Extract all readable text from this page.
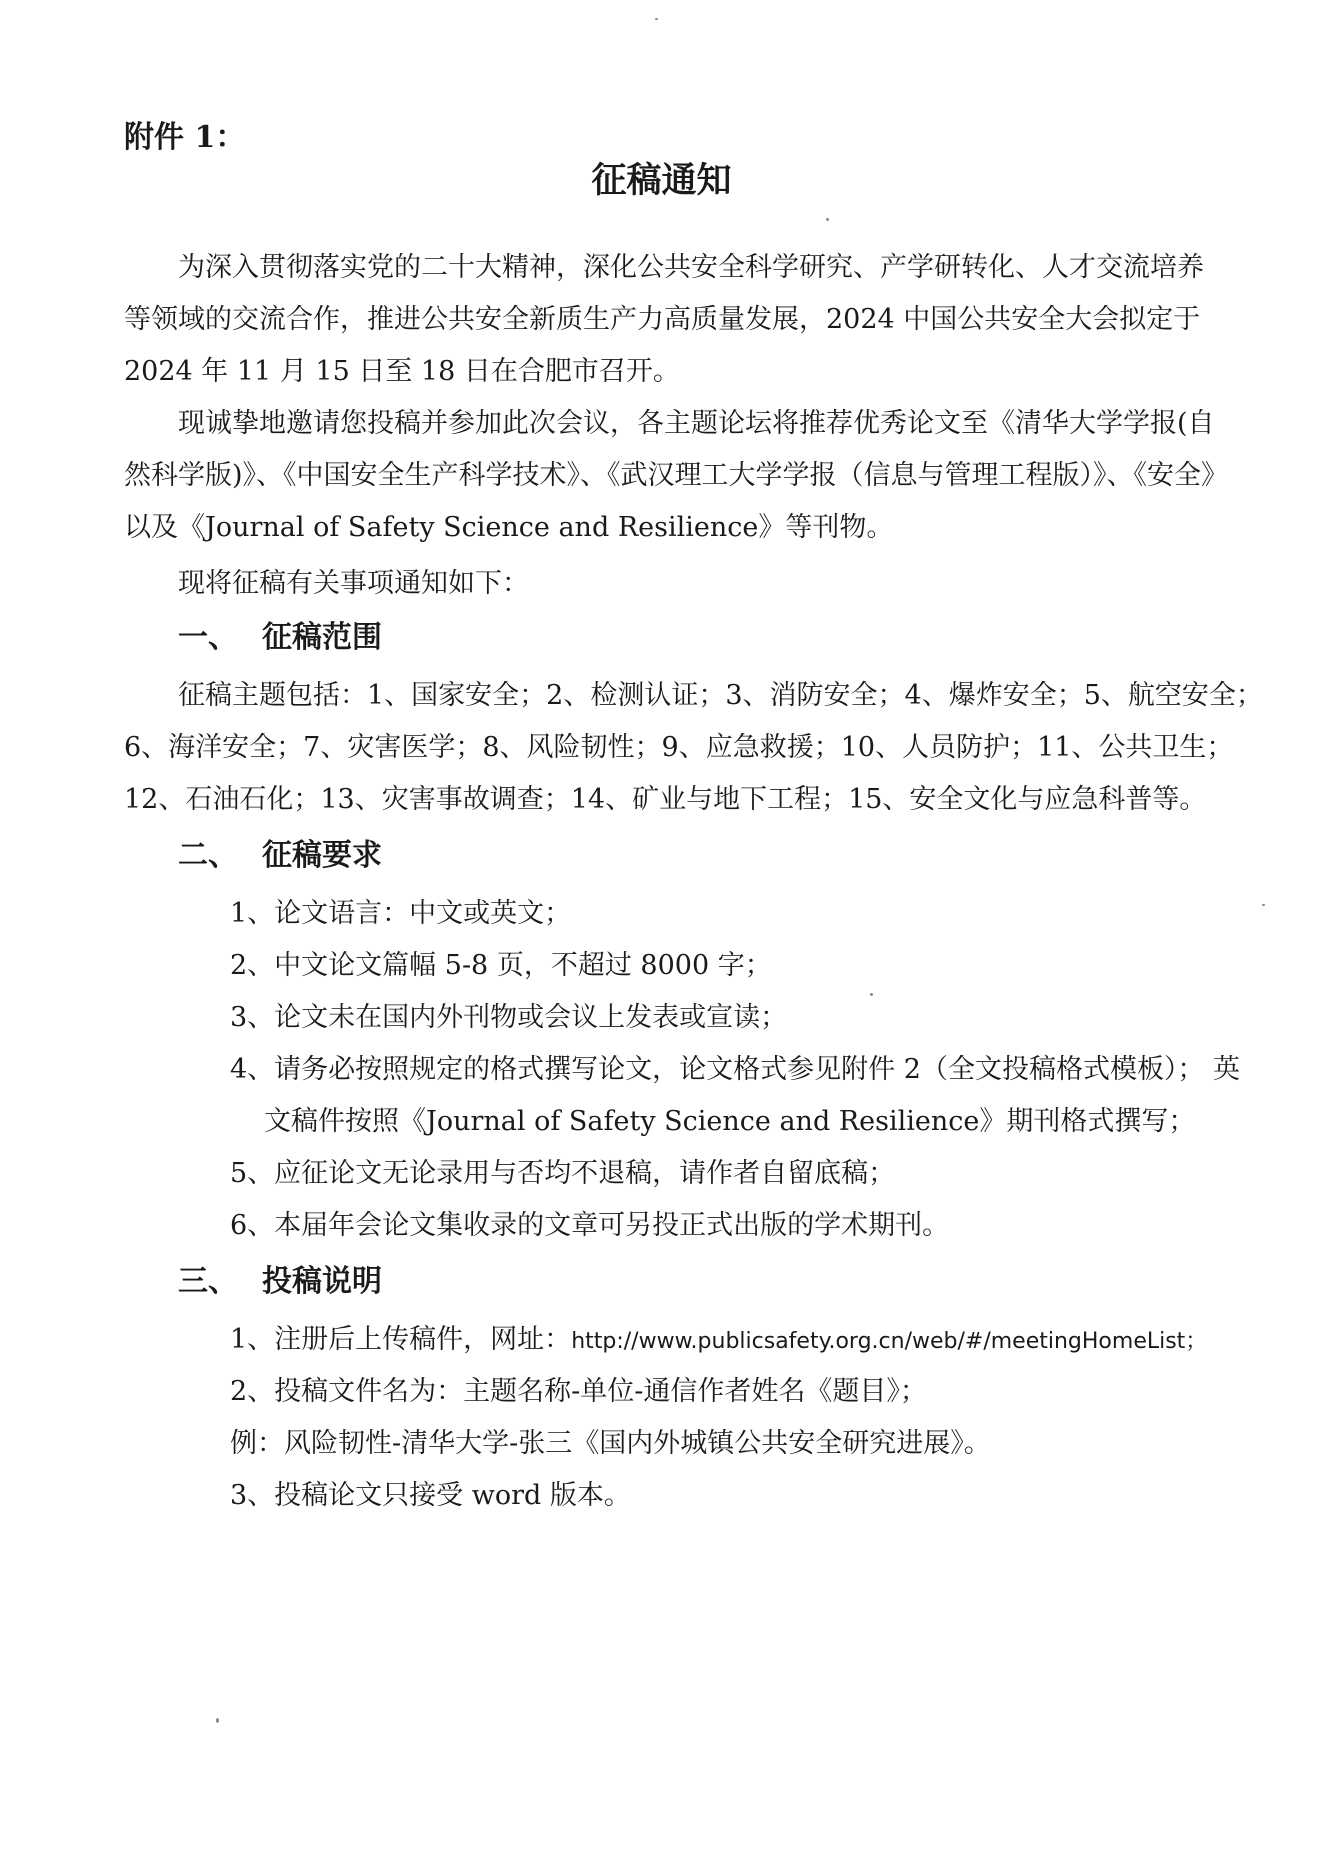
附件 1：
征稿通知
为深入贯彻落实党的二十大精神，深化公共安全科学研究、产学研转化、人才交流培养
等领域的交流合作，推进公共安全新质生产力高质量发展，2024 中国公共安全大会拟定于
2024 年 11 月 15 日至 18 日在合肥市召开。
现诚挚地邀请您投稿并参加此次会议，各主题论坛将推荐优秀论文至《清华大学学报(自
然科学版)》、《中国安全生产科学技术》、《武汉理工大学学报（信息与管理工程版）》、《安全》
以及《Journal of Safety Science and Resilience》等刊物。
现将征稿有关事项通知如下：
一、 征稿范围
征稿主题包括：1、国家安全；2、检测认证；3、消防安全；4、爆炸安全；5、航空安全；
6、海洋安全；7、灾害医学；8、风险韧性；9、应急救援；10、人员防护；11、公共卫生；
12、石油石化；13、灾害事故调查；14、矿业与地下工程；15、安全文化与应急科普等。
二、 征稿要求
1、论文语言：中文或英文；
2、中文论文篇幅 5-8 页，不超过 8000 字；
3、论文未在国内外刊物或会议上发表或宣读；
4、请务必按照规定的格式撰写论文，论文格式参见附件 2（全文投稿格式模板）； 英
文稿件按照《Journal of Safety Science and Resilience》期刊格式撰写；
5、应征论文无论录用与否均不退稿，请作者自留底稿；
6、本届年会论文集收录的文章可另投正式出版的学术期刊。
三、 投稿说明
1、注册后上传稿件，网址：http://www.publicsafety.org.cn/web/#/meetingHomeList；
2、投稿文件名为：主题名称-单位-通信作者姓名《题目》；
例：风险韧性-清华大学-张三《国内外城镇公共安全研究进展》。
3、投稿论文只接受 word 版本。
